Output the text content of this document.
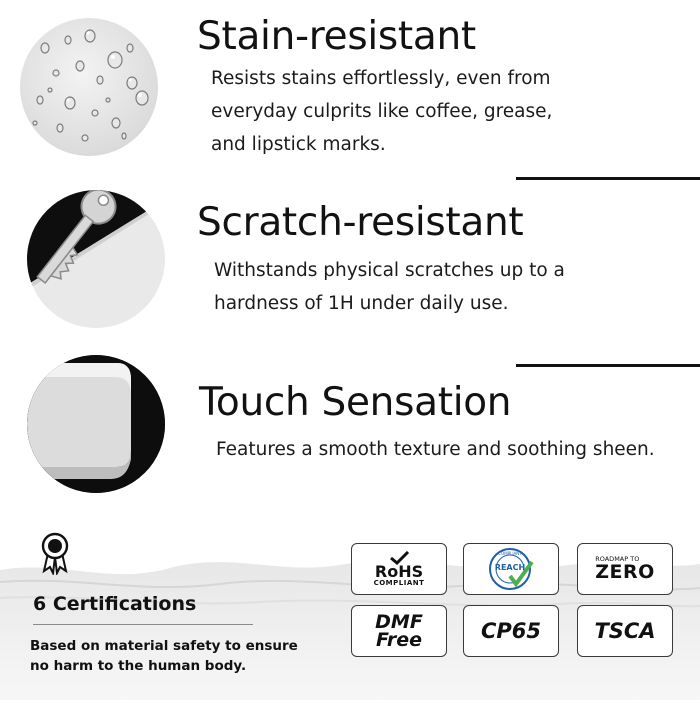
Stain-resistant
Resists stains effortlessly, even from
everyday culprits like coffee, grease,
and lipstick marks.
Scratch-resistant
Withstands physical scratches up to a
hardness of 1H under daily use.
Touch Sensation
Features a smooth texture and soothing sheen.
6 Certifications
Based on material safety to ensure
no harm to the human body.
RoHS
COMPLIANT
REACH
COMPLIANT
ROADMAP TO
ZERO
DMF
Free	CP65	TSCA
